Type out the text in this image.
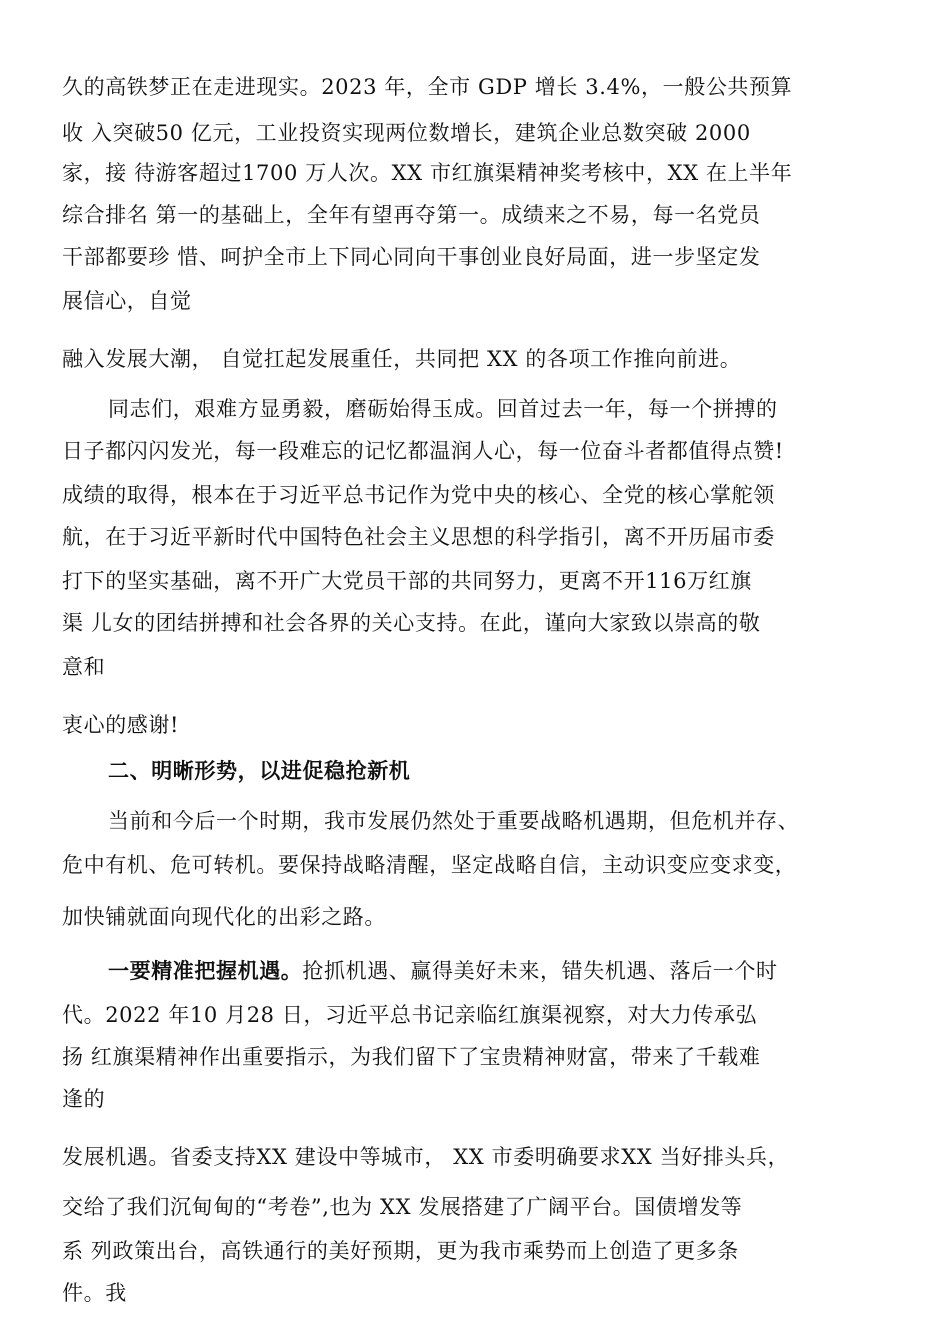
久的高铁梦正在走进现实。2023 年，全市 GDP 增长 3.4%，一般公共预算
收 入突破50 亿元，工业投资实现两位数增长，建筑企业总数突破 2000
家，接 待游客超过1700 万人次。XX 市红旗渠精神奖考核中，XX 在上半年
综合排名 第一的基础上，全年有望再夺第一。成绩来之不易，每一名党员
干部都要珍 惜、呵护全市上下同心同向干事创业良好局面，进一步坚定发
展信心，自觉
融入发展大潮， 自觉扛起发展重任，共同把 XX 的各项工作推向前进。
同志们，艰难方显勇毅，磨砺始得玉成。回首过去一年，每一个拼搏的
日子都闪闪发光，每一段难忘的记忆都温润人心，每一位奋斗者都值得点赞!
成绩的取得，根本在于习近平总书记作为党中央的核心、全党的核心掌舵领
航，在于习近平新时代中国特色社会主义思想的科学指引，离不开历届市委
打下的坚实基础，离不开广大党员干部的共同努力，更离不开116万红旗
渠 儿女的团结拼搏和社会各界的关心支持。在此，谨向大家致以崇高的敬
意和
衷心的感谢!
二、明晰形势，以进促稳抢新机
当前和今后一个时期，我市发展仍然处于重要战略机遇期，但危机并存、
危中有机、危可转机。要保持战略清醒，坚定战略自信，主动识变应变求变，
加快铺就面向现代化的出彩之路。
一要精准把握机遇。抢抓机遇、赢得美好未来，错失机遇、落后一个时
代。2022 年10 月28 日，习近平总书记亲临红旗渠视察，对大力传承弘
扬 红旗渠精神作出重要指示，为我们留下了宝贵精神财富，带来了千载难
逢的
发展机遇。省委支持XX 建设中等城市， XX 市委明确要求XX 当好排头兵，
交给了我们沉甸甸的“考卷”,也为 XX 发展搭建了广阔平台。国债增发等
系 列政策出台，高铁通行的美好预期，更为我市乘势而上创造了更多条
件。我
